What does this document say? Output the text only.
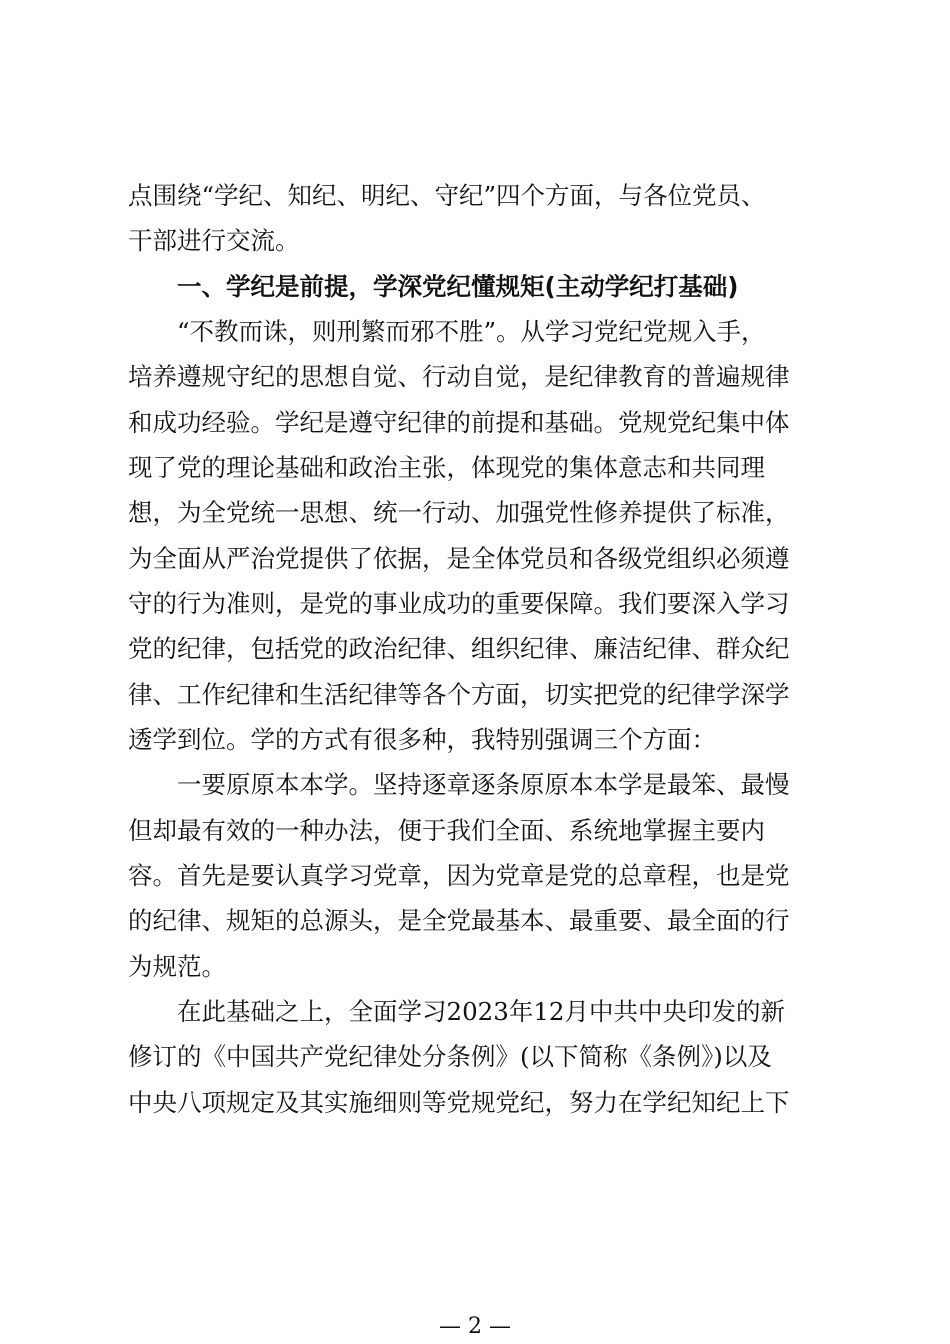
点围绕“学纪、知纪、明纪、守纪”四个方面，与各位党员、
干部进行交流。
　　一、学纪是前提，学深党纪懂规矩(主动学纪打基础)
　　“不教而诛，则刑繁而邪不胜”。从学习党纪党规入手，
培养遵规守纪的思想自觉、行动自觉，是纪律教育的普遍规律
和成功经验。学纪是遵守纪律的前提和基础。党规党纪集中体
现了党的理论基础和政治主张，体现党的集体意志和共同理
想，为全党统一思想、统一行动、加强党性修养提供了标准，
为全面从严治党提供了依据，是全体党员和各级党组织必须遵
守的行为准则，是党的事业成功的重要保障。我们要深入学习
党的纪律，包括党的政治纪律、组织纪律、廉洁纪律、群众纪
律、工作纪律和生活纪律等各个方面，切实把党的纪律学深学
透学到位。学的方式有很多种，我特别强调三个方面：
　　一要原原本本学。坚持逐章逐条原原本本学是最笨、最慢
但却最有效的一种办法，便于我们全面、系统地掌握主要内
容。首先是要认真学习党章，因为党章是党的总章程，也是党
的纪律、规矩的总源头，是全党最基本、最重要、最全面的行
为规范。
　　在此基础之上，全面学习2023年12月中共中央印发的新
修订的《中国共产党纪律处分条例》(以下简称《条例》)以及
中央八项规定及其实施细则等党规党纪，努力在学纪知纪上下
— 2 —
